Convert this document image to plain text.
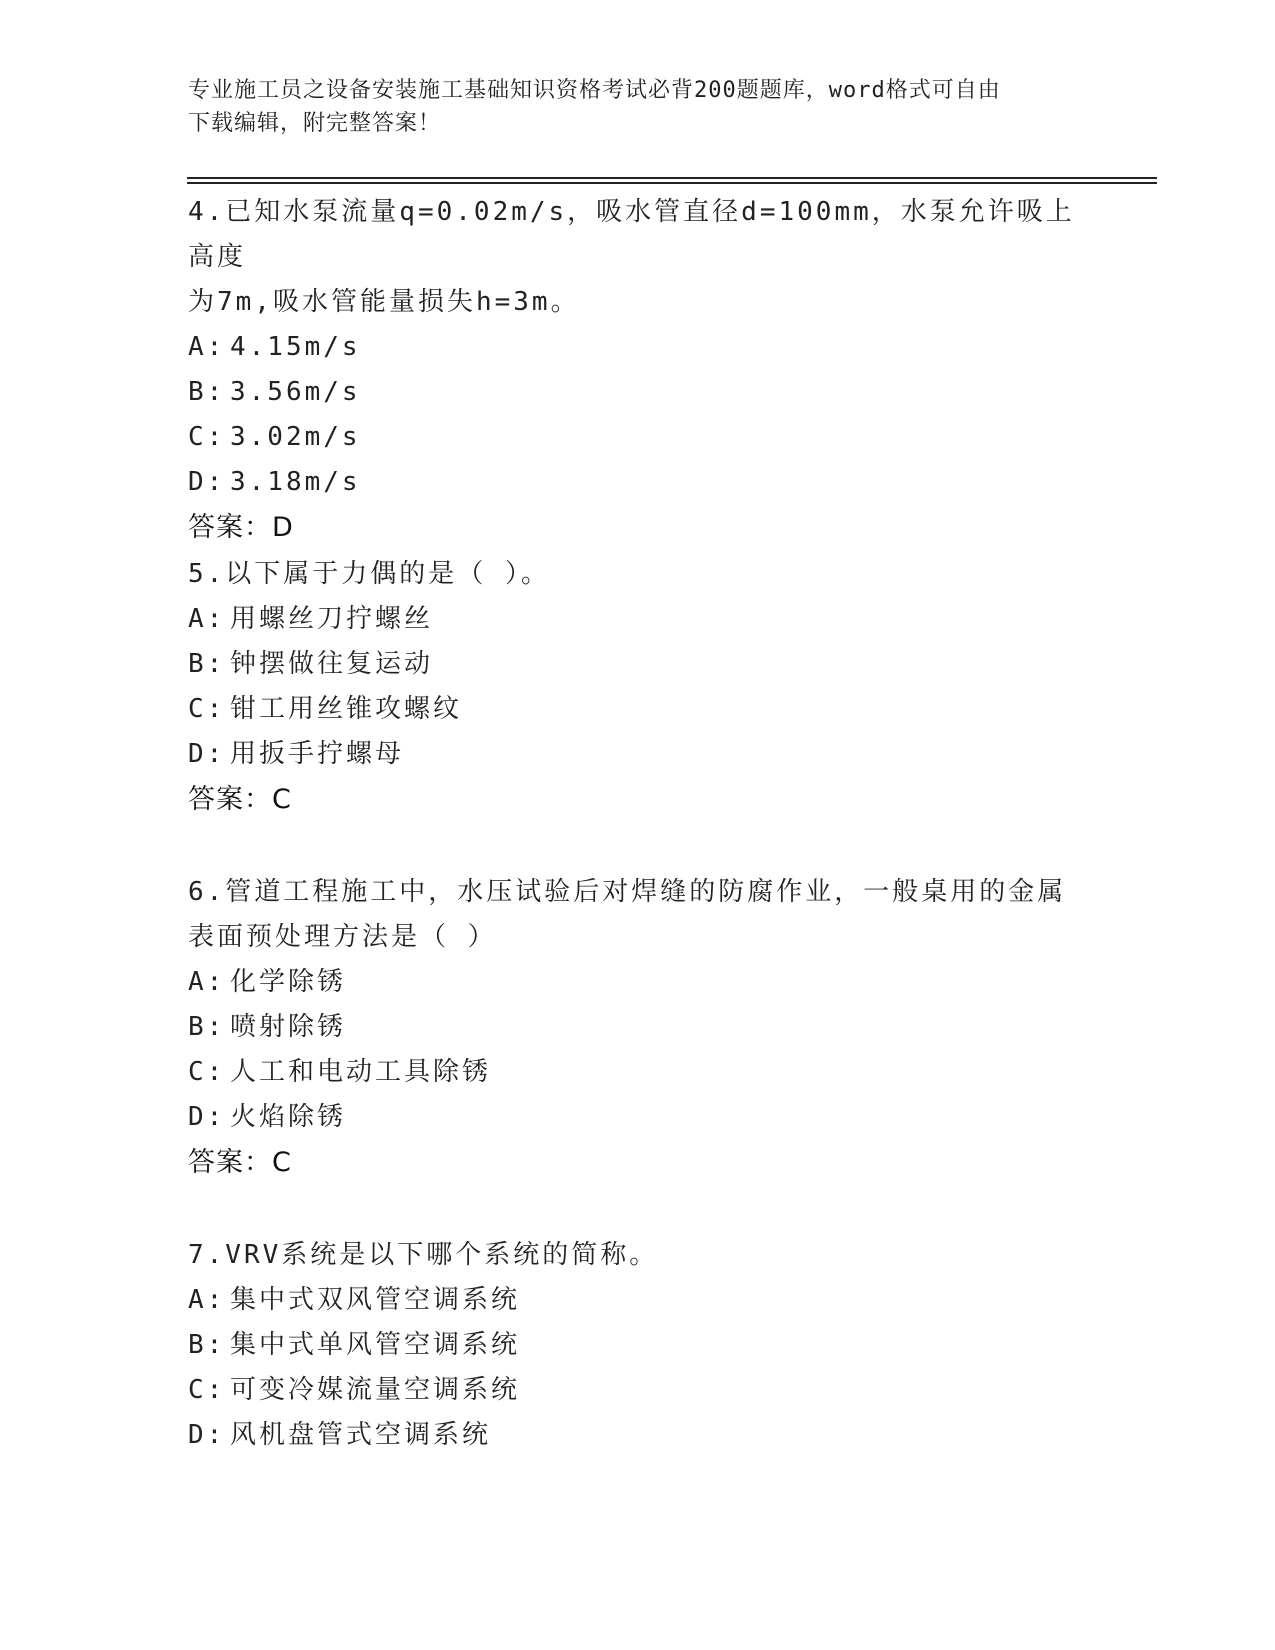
专业施工员之设备安装施工基础知识资格考试必背200题题库，word格式可自由
下载编辑，附完整答案！
4.已知水泵流量q=0.02m/s，吸水管直径d=100mm，水泵允许吸上高度
为7m,吸水管能量损失h=3m。
A: 4.15m/s
B: 3.56m/s
C: 3.02m/s
D: 3.18m/s
答案：D
5.以下属于力偶的是（ ）。
A: 用螺丝刀拧螺丝
B: 钟摆做往复运动
C: 钳工用丝锥攻螺纹
D: 用扳手拧螺母
答案：C
6.管道工程施工中，水压试验后对焊缝的防腐作业，一般桌用的金属
表面预处理方法是（ ）
A: 化学除锈
B: 喷射除锈
C: 人工和电动工具除锈
D: 火焰除锈
答案：C
7.VRV系统是以下哪个系统的简称。
A: 集中式双风管空调系统
B: 集中式单风管空调系统
C: 可变冷媒流量空调系统
D: 风机盘管式空调系统
